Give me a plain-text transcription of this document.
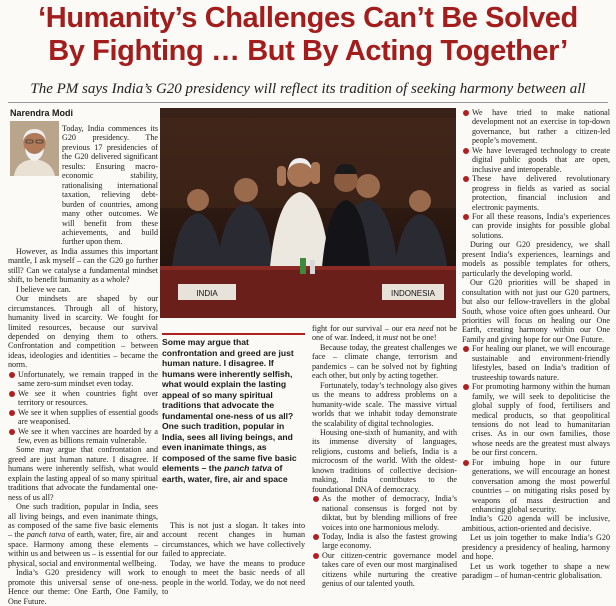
‘Humanity’s Challenges Can’t Be Solved
By Fighting … But By Acting Together’
The PM says India’s G20 presidency will reflect its tradition of seeking harmony between all
Narendra Modi

Today, India commences its G20 presidency. The previous 17 presidencies of the G20 delivered significant results: Ensuring macro-economic stability, rationalising international taxation, relieving debt-burden of countries, among many other outcomes. We will benefit from these achievements, and build further upon them.

However, as India assumes this important mantle, I ask myself – can the G20 go further still? Can we catalyse a fundamental mindset shift, to benefit humanity as a whole?

I believe we can.

Our mindsets are shaped by our circumstances. Through all of history, humanity lived in scarcity. We fought for limited resources, because our survival depended on denying them to others. Confrontation and competition – between ideas, ideologies and identities – became the norm.

Unfortunately, we remain trapped in the same zero-sum mindset even today.
We see it when countries fight over territory or resources.
We see it when supplies of essential goods are weaponised.
We see it when vaccines are hoarded by a few, even as billions remain vulnerable.

Some may argue that confrontation and greed are just human nature. I disagree. If humans were inherently selfish, what would explain the lasting appeal of so many spiritual traditions that advocate the fundamental one-ness of us all?

One such tradition, popular in India, sees all living beings, and even inanimate things, as composed of the same five basic elements – the panch tatva of earth, water, fire, air and space. Harmony among these elements – within us and between us – is essential for our physical, social and environmental wellbeing.

India’s G20 presidency will work to promote this universal sense of one-ness. Hence our theme: One Earth, One Family, One Future.

INDIA	INDONESIA
Some may argue that confrontation and greed are just human nature. I disagree. If humans were inherently selfish, what would explain the lasting appeal of so many spiritual traditions that advocate the fundamental one-ness of us all? One such tradition, popular in India, sees all living beings, and even inanimate things, as composed of the same five basic elements – the panch tatva of earth, water, fire, air and space

This is not just a slogan. It takes into account recent changes in human circumstances, which we have collectively failed to appreciate.

Today, we have the means to produce enough to meet the basic needs of all people in the world. Today, we do not need to

fight for our survival – our era need not be one of war. Indeed, it must not be one!

Because today, the greatest challenges we face – climate change, terrorism and pandemics – can be solved not by fighting each other, but only by acting together.

Fortunately, today’s technology also gives us the means to address problems on a humanity-wide scale. The massive virtual worlds that we inhabit today demonstrate the scalability of digital technologies.

Housing one-sixth of humanity, and with its immense diversity of languages, religions, customs and beliefs, India is a microcosm of the world. With the oldest-known traditions of collective decision-making, India contributes to the foundational DNA of democracy.

As the mother of democracy, India’s national consensus is forged not by diktat, but by blending millions of free voices into one harmonious melody.
Today, India is also the fastest growing large economy.
Our citizen-centric governance model takes care of even our most marginalised citizens while nurturing the creative genius of our talented youth.
We have tried to make national development not an exercise in top-down governance, but rather a citizen-led people’s movement.
We have leveraged technology to create digital public goods that are open, inclusive and interoperable.
These have delivered revolutionary progress in fields as varied as social protection, financial inclusion and electronic payments.
For all these reasons, India’s experiences can provide insights for possible global solutions.

During our G20 presidency, we shall present India’s experiences, learnings and models as possible templates for others, particularly the developing world.

Our G20 priorities will be shaped in consultation with not just our G20 partners, but also our fellow-travellers in the global South, whose voice often goes unheard. Our priorities will focus on healing our One Earth, creating harmony within our One Family and giving hope for our One Future.

For healing our planet, we will encourage sustainable and environment-friendly lifestyles, based on India’s tradition of trusteeship towards nature.
For promoting harmony within the human family, we will seek to depoliticise the global supply of food, fertilisers and medical products, so that geopolitical tensions do not lead to humanitarian crises. As in our own families, those whose needs are the greatest must always be our first concern.
For imbuing hope in our future generations, we will encourage an honest conversation among the most powerful countries – on mitigating risks posed by weapons of mass destruction and enhancing global security.

India’s G20 agenda will be inclusive, ambitious, action-oriented and decisive.

Let us join together to make India’s G20 presidency a presidency of healing, harmony and hope.

Let us work together to shape a new paradigm – of human-centric globalisation.
